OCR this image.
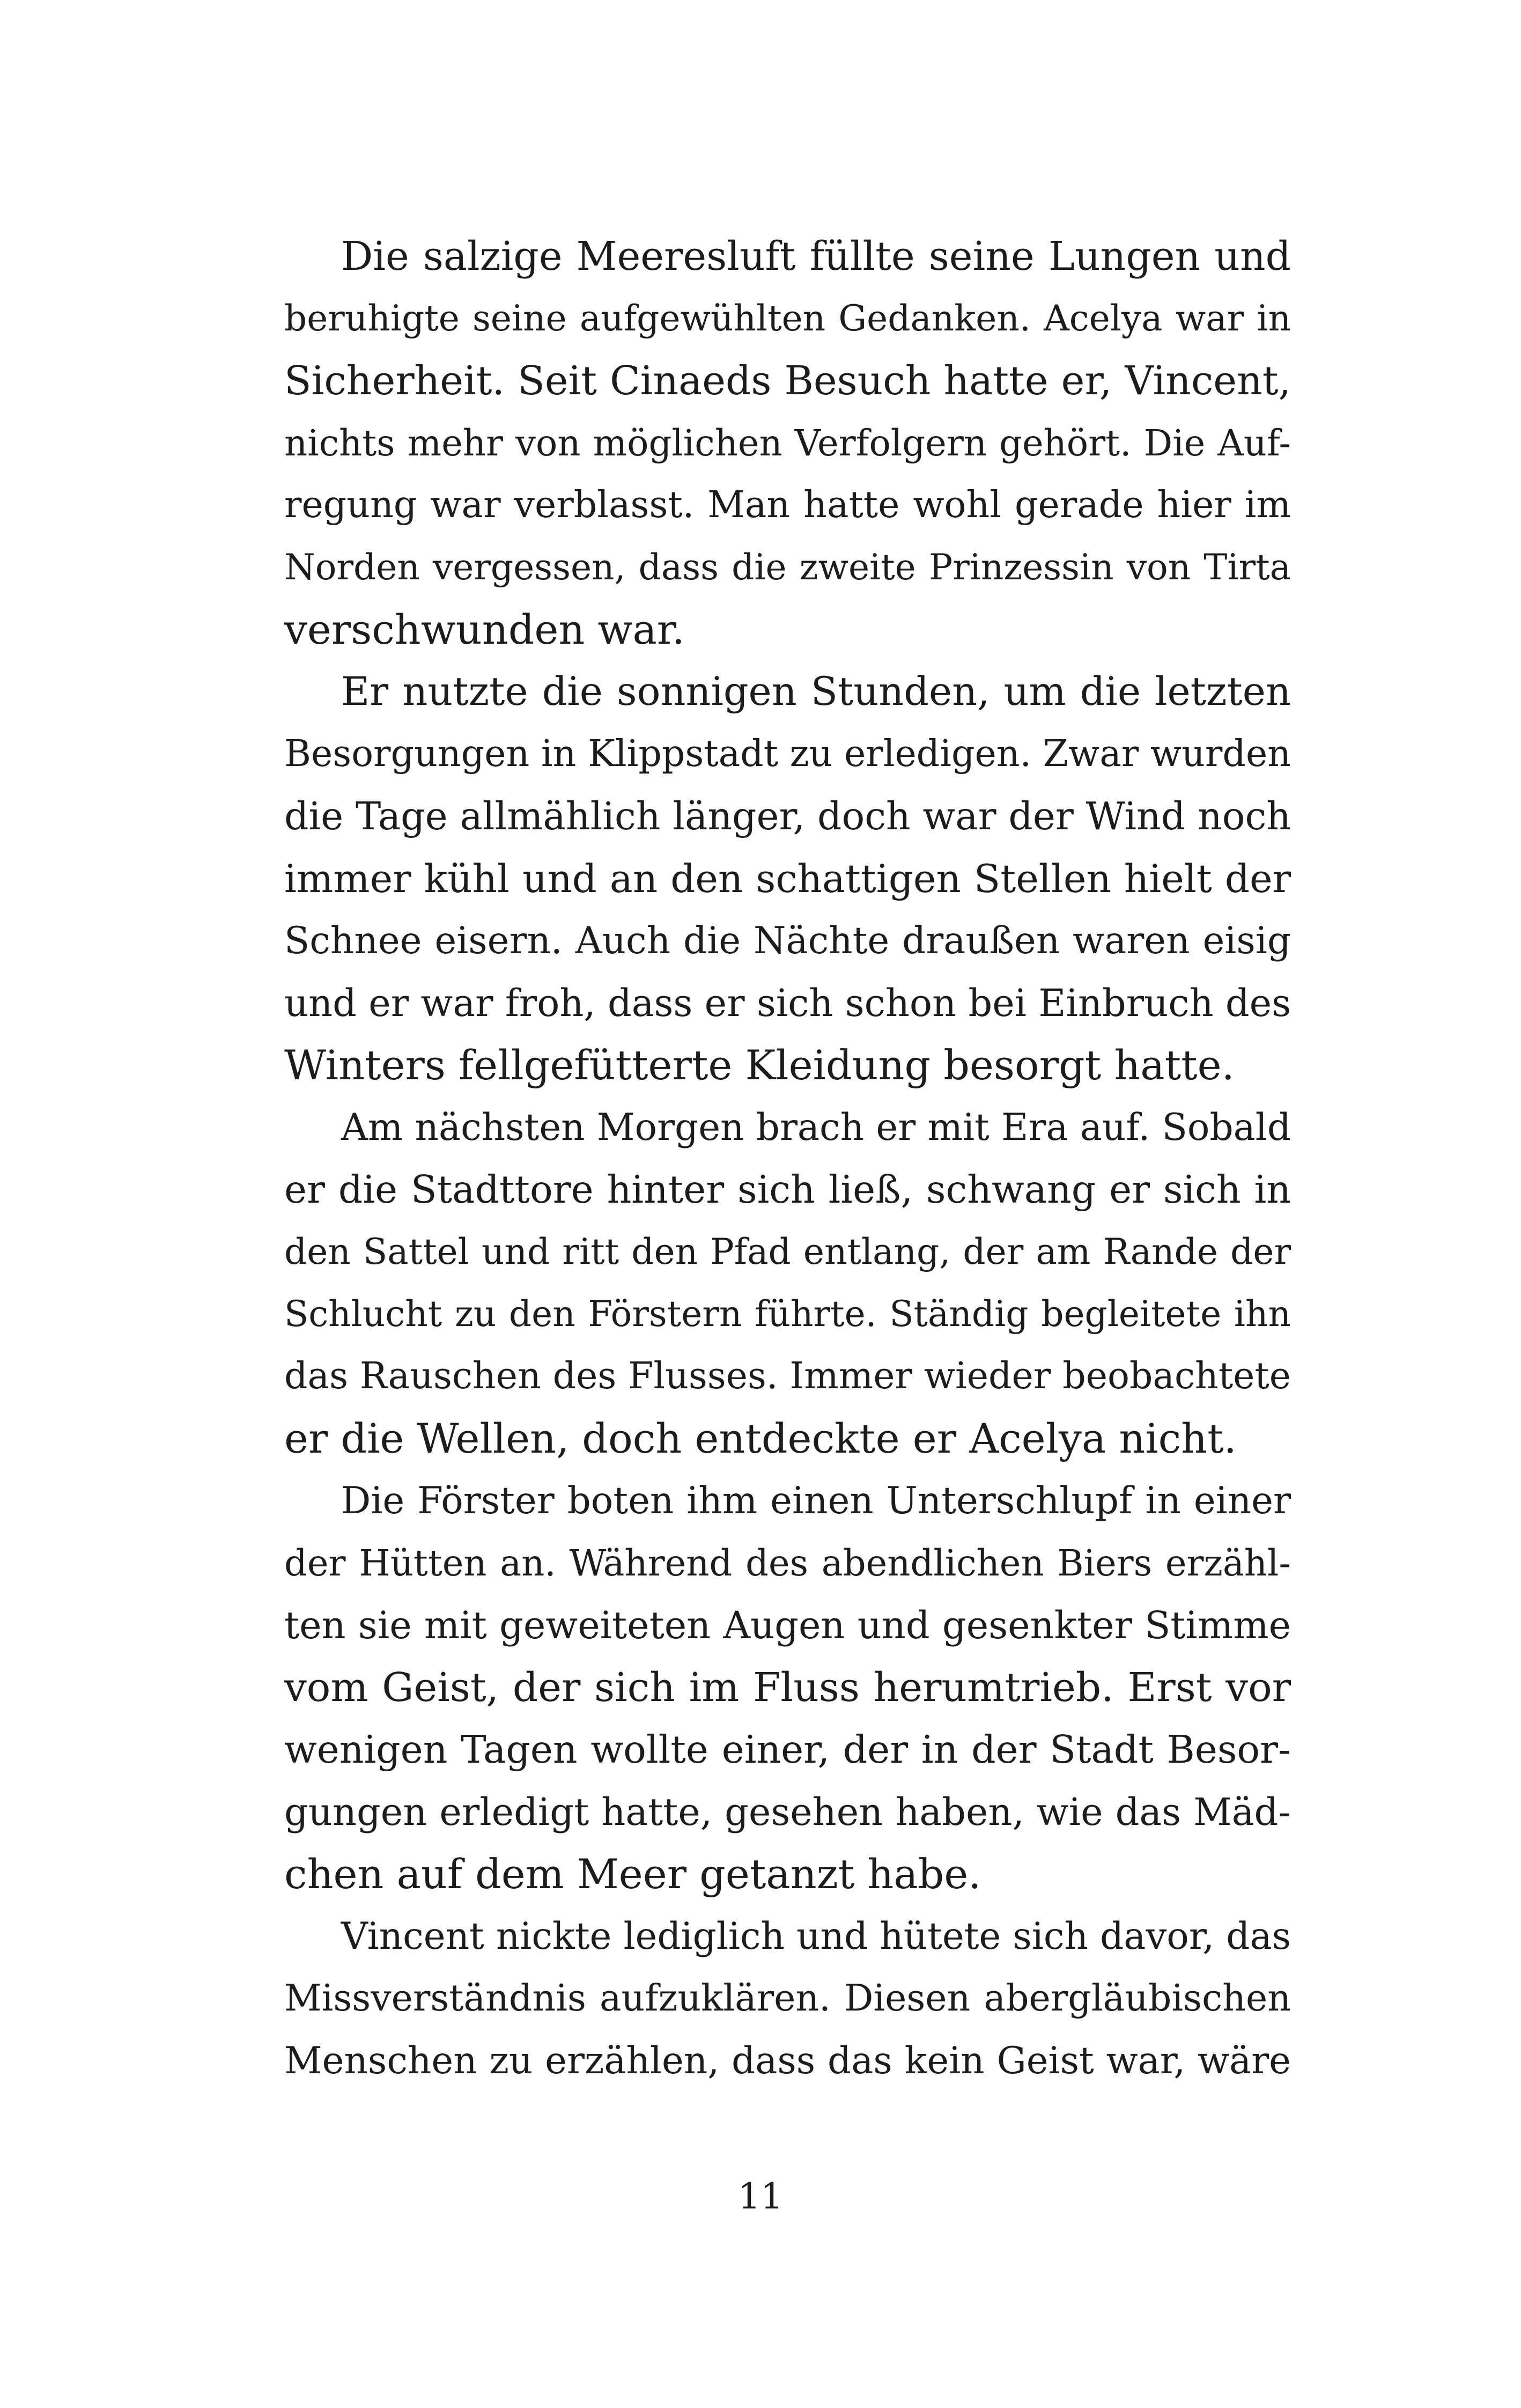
Die salzige Meeresluft füllte seine Lungen und
beruhigte seine aufgewühlten Gedanken. Acelya war in
Sicherheit. Seit Cinaeds Besuch hatte er, Vincent,
nichts mehr von möglichen Verfolgern gehört. Die Auf-
regung war verblasst. Man hatte wohl gerade hier im
Norden vergessen, dass die zweite Prinzessin von Tirta
verschwunden war.
Er nutzte die sonnigen Stunden, um die letzten
Besorgungen in Klippstadt zu erledigen. Zwar wurden
die Tage allmählich länger, doch war der Wind noch
immer kühl und an den schattigen Stellen hielt der
Schnee eisern. Auch die Nächte draußen waren eisig
und er war froh, dass er sich schon bei Einbruch des
Winters fellgefütterte Kleidung besorgt hatte.
Am nächsten Morgen brach er mit Era auf. Sobald
er die Stadttore hinter sich ließ, schwang er sich in
den Sattel und ritt den Pfad entlang, der am Rande der
Schlucht zu den Förstern führte. Ständig begleitete ihn
das Rauschen des Flusses. Immer wieder beobachtete
er die Wellen, doch entdeckte er Acelya nicht.
Die Förster boten ihm einen Unterschlupf in einer
der Hütten an. Während des abendlichen Biers erzähl-
ten sie mit geweiteten Augen und gesenkter Stimme
vom Geist, der sich im Fluss herumtrieb. Erst vor
wenigen Tagen wollte einer, der in der Stadt Besor-
gungen erledigt hatte, gesehen haben, wie das Mäd-
chen auf dem Meer getanzt habe.
Vincent nickte lediglich und hütete sich davor, das
Missverständnis aufzuklären. Diesen abergläubischen
Menschen zu erzählen, dass das kein Geist war, wäre
11
